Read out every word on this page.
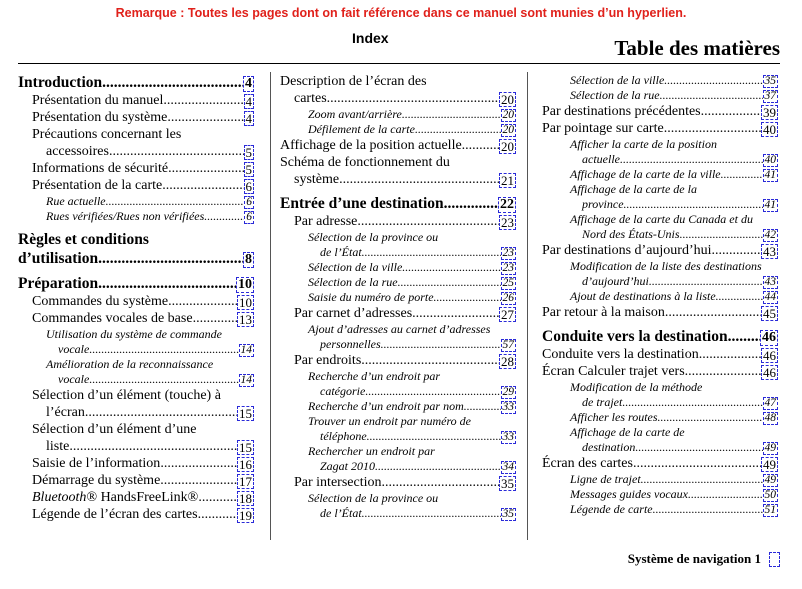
Remarque : Toutes les pages dont on fait référence dans ce manuel sont munies d’un hyperlien.
Index	Table des matières
Introduction .....	4
Présentation du manuel .....	4
Présentation du système .....	4
Précautions concernant les
accessoires .....	5
Informations de sécurité .....	5
Présentation de la carte .....	6
Rue actuelle .....	6
Rues vérifiées/Rues non vérifiées .....	6
Règles et conditions
d’utilisation .....	8
Préparation .....	10
Commandes du système .....	10
Commandes vocales de base .....	13
Utilisation du système de commande
vocale .....	14
Amélioration de la reconnaissance
vocale .....	14
Sélection d’un élément (touche) à
l’écran .....	15
Sélection d’un élément d’une
liste .....	15
Saisie de l’information .....	16
Démarrage du système .....	17
Bluetooth® HandsFreeLink® .....	18
Légende de l’écran des cartes .....	19
Description de l’écran des
cartes .....	20
Zoom avant/arrière .....	20
Défilement de la carte .....	20
Affichage de la position actuelle .....	20
Schéma de fonctionnement du
système .....	21
Entrée d’une destination .....	22
Par adresse .....	23
Sélection de la province ou
de l’État .....	23
Sélection de la ville .....	23
Sélection de la rue .....	25
Saisie du numéro de porte .....	26
Par carnet d’adresses .....	27
Ajout d’adresses au carnet d’adresses
personnelles .....	57
Par endroits .....	28
Recherche d’un endroit par
catégorie .....	29
Recherche d’un endroit par nom .....	33
Trouver un endroit par numéro de
téléphone .....	33
Rechercher un endroit par
Zagat 2010 .....	34
Par intersection .....	35
Sélection de la province ou
de l’État .....	35
Sélection de la ville .....	35
Sélection de la rue .....	37
Par destinations précédentes .....	39
Par pointage sur carte .....	40
Afficher la carte de la position
actuelle .....	40
Affichage de la carte de la ville .....	41
Affichage de la carte de la
province .....	41
Affichage de la carte du Canada et du
Nord des États-Unis .....	42
Par destinations d’aujourd’hui .....	43
Modification de la liste des destinations
d’aujourd’hui .....	43
Ajout de destinations à la liste .....	44
Par retour à la maison .....	45
Conduite vers la destination ..... 46
Conduite vers la destination .....	46
Écran Calculer trajet vers .....	46
Modification de la méthode
de trajet .....	47
Afficher les routes .....	48
Affichage de la carte de
destination .....	49
Écran des cartes .....	49
Ligne de trajet .....	49
Messages guides vocaux .....	50
Légende de carte .....	51
Système de navigation
1
